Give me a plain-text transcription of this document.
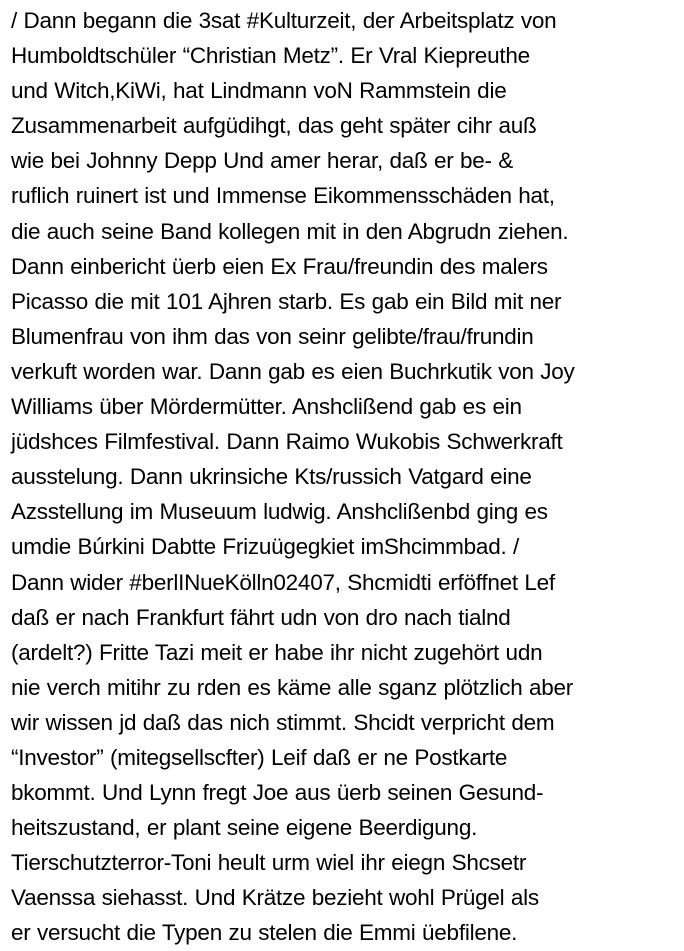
/ Dann begann die 3sat #Kulturzeit, der Arbeitsplatz von
Humboldtschüler “Christian Metz”. Er Vral Kiepreuthe
und Witch,KiWi, hat Lindmann voN Rammstein die
Zusammenarbeit aufgüdihgt, das geht später cihr auß
wie bei Johnny Depp Und amer herar, daß er be- &
ruflich ruinert ist und Immense Eikommensschäden hat,
die auch seine Band kollegen mit in den Abgrudn ziehen.
Dann einbericht üerb eien Ex Frau/freundin des malers
Picasso die mit 101 Ajhren starb. Es gab ein Bild mit ner
Blumenfrau von ihm das von seinr gelibte/frau/frundin
verkuft worden war. Dann gab es eien Buchrkutik von Joy
Williams über Mördermütter. Anshclißend gab es ein
jüdshces Filmfestival. Dann Raimo Wukobis Schwerkraft
ausstelung. Dann ukrinsiche Kts/russich Vatgard eine
Azsstellung im Museuum ludwig. Anshclißenbd ging es
umdie Búrkini Dabtte Frizuügegkiet imShcimmbad. /
Dann wider #berlINueKölln02407, Shcmidti erföffnet Lef
daß er nach Frankfurt fährt udn von dro nach tialnd
(ardelt?) Fritte Tazi meit er habe ihr nicht zugehört udn
nie verch mitihr zu rden es käme alle sganz plötzlich aber
wir wissen jd daß das nich stimmt. Shcidt verpricht dem
“Investor” (mitegsellscfter) Leif daß er ne Postkarte
bkommt. Und Lynn fregt Joe aus üerb seinen Gesund-
heitszustand, er plant seine eigene Beerdigung.
Tierschutzterror-Toni heult urm wiel ihr eiegn Shcsetr
Vaenssa siehasst. Und Krätze bezieht wohl Prügel als
er versucht die Typen zu stelen die Emmi üebfilene.
